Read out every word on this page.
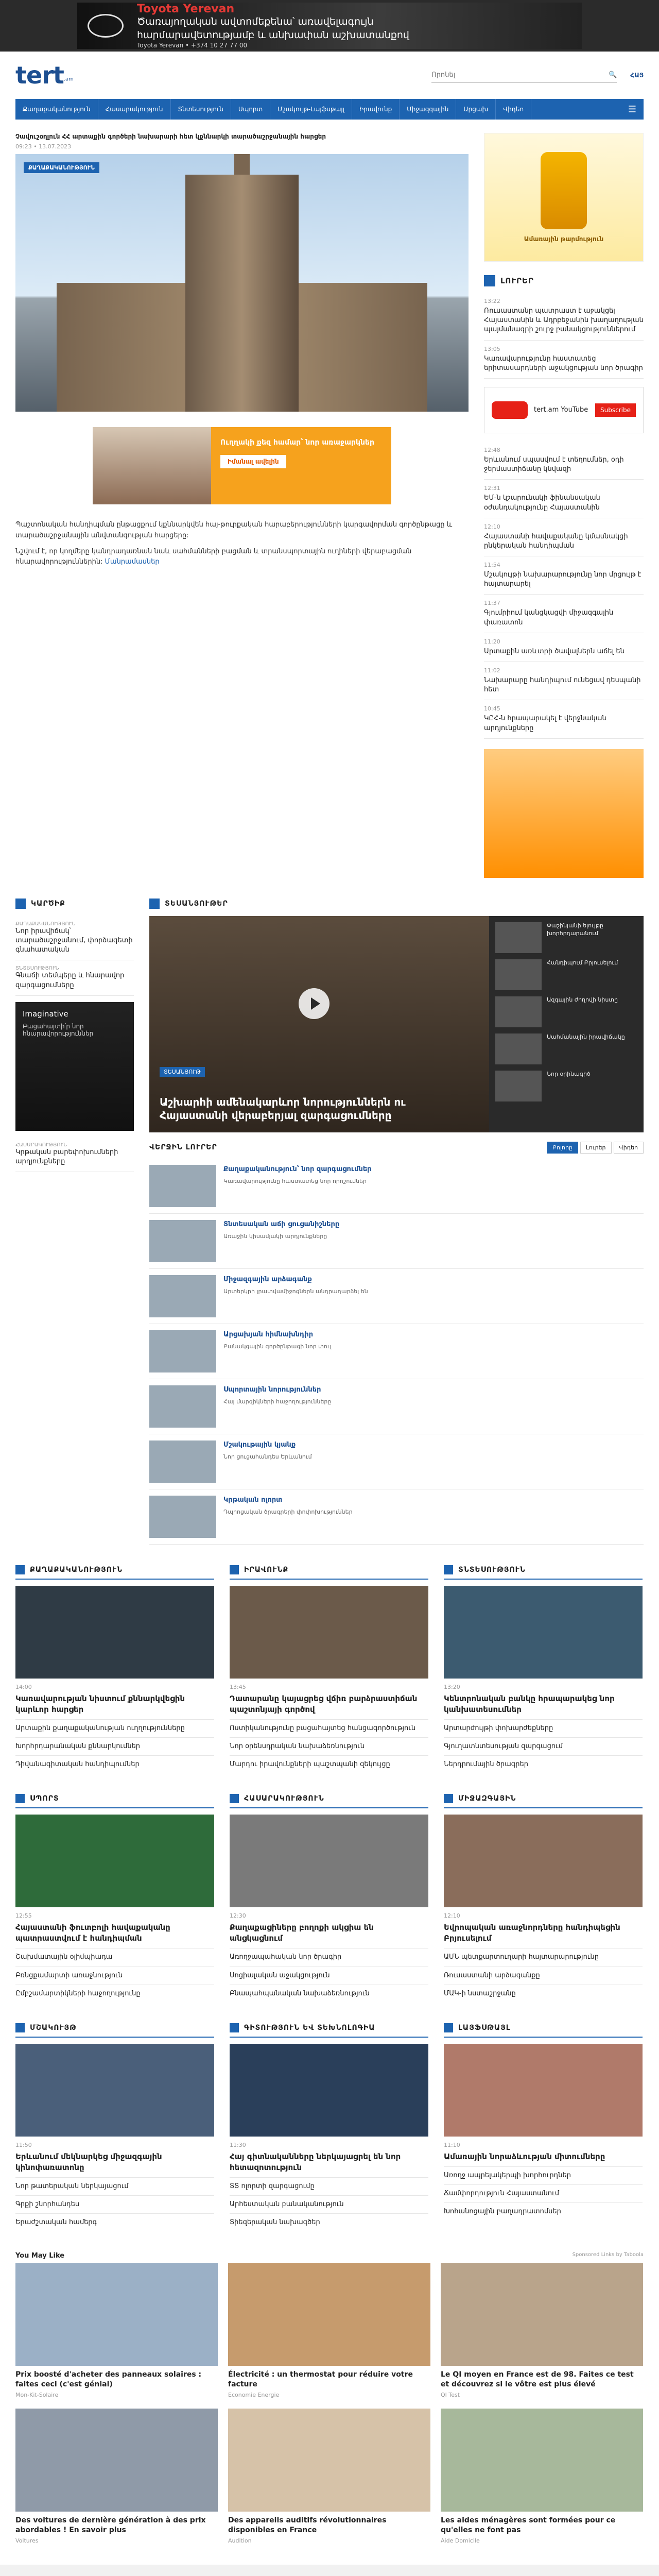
Toyota Yerevan
Ծառայողական ավտոմեքենա՝ առավելագույն
հարմարավետությամբ և անխափան աշխատանքով
Toyota Yerevan • +374 10 27 77 00
tert$^{.am}$
Որոնել
🔍 ՀԱՅ
Քաղաքականություն	Հասարակություն	Տնտեսություն	Սպորտ	Մշակույթ-Լայֆսթայլ	Իրավունք	Միջազգային	Արցախ	Վիդեո	☰
Չավուշօղլուն ՀՀ արտաքին գործերի նախարարի հետ կքննարկի տարածաշրջանային հարցեր
09:23 • 13.07.2023
ՔԱՂԱՔԱԿԱՆՈՒԹՅՈՒՆ
Ուղղակի քեզ համար՝ նոր առաջարկներ
Իմանալ ավելին

Պաշտոնական հանդիպման ընթացքում կքննարկվեն հայ-թուրքական հարաբերությունների կարգավորման գործընթացը և տարածաշրջանային անվտանգության հարցերը:

Նշվում է, որ կողմերը կանդրադառնան նաև սահմանների բացման և տրանսպորտային ուղիների վերաբացման հնարավորություններին: Մանրամասներ

Ամառային թարմություն
ԼՈՒՐԵՐ
13:22
Ռուսաստանը պատրաստ է աջակցել Հայաստանին և Ադրբեջանին խաղաղության պայմանագրի շուրջ բանակցություններում
13:05
Կառավարությունը հաստատեց երիտասարդների աջակցության նոր ծրագիր
tert.am YouTube	Subscribe
12:48
Երևանում սպասվում է տեղումներ, օդի ջերմաստիճանը կնվազի
12:31
ԵՄ-ն կշարունակի ֆինանսական օժանդակությունը Հայաստանին
12:10
Հայաստանի հավաքականը կմասնակցի ընկերական հանդիպման
11:54
Մշակույթի նախարարությունը նոր մրցույթ է հայտարարել
11:37
Գյումրիում կանցկացվի միջազգային փառատոն
11:20
Արտաքին առևտրի ծավալներն աճել են
11:02
Նախարարը հանդիպում ունեցավ դեսպանի հետ
10:45
ԿԸՀ-ն հրապարակել է վերջնական արդյունքները
ԿԱՐԾԻՔ
ՔԱՂԱՔԱԿԱՆՈՒԹՅՈՒՆ
Նոր իրավիճակ՝ տարածաշրջանում, փորձագետի գնահատական
ՏՆՏԵՍՈՒԹՅՈՒՆ
Գնաճի տեմպերը և հնարավոր զարգացումները
Imaginative
Բացահայտի՛ր նոր հնարավորություններ
ՀԱՍԱՐԱԿՈՒԹՅՈՒՆ
Կրթական բարեփոխումների արդյունքները
ՏԵՍԱՆՅՈՒԹԵՐ
ՏԵՍԱՆՅՈՒԹ
Աշխարհի ամենակարևոր նորություններն ու Հայաստանի վերաբերյալ զարգացումները
Փաշինյանի ելույթը խորհրդարանում
Հանդիպում Բրյուսելում
Ազգային ժողովի նիստը
Սահմանային իրավիճակը
Նոր օրինագիծ
ՎԵՐՋԻՆ ԼՈՒՐԵՐ	Բոլորը	Լուրեր	Վիդեո
Քաղաքականություն՝ նոր զարգացումներ
Կառավարությունը հաստատեց նոր որոշումներ
Տնտեսական աճի ցուցանիշները
Առաջին կիսամյակի արդյունքները
Միջազգային արձագանք
Արտերկրի լրատվամիջոցներն անդրադարձել են
Արցախյան հիմնախնդիր
Բանակցային գործընթացի նոր փուլ
Սպորտային նորություններ
Հայ մարզիկների հաջողությունները
Մշակութային կյանք
Նոր ցուցահանդես Երևանում
Կրթական ոլորտ
Դպրոցական ծրագրերի փոփոխություններ
ՔԱՂԱՔԱԿԱՆՈՒԹՅՈՒՆ
14:00
Կառավարության նիստում քննարկվեցին կարևոր հարցեր
Արտաքին քաղաքականության ուղղությունները
Խորհրդարանական քննարկումներ
Դիվանագիտական հանդիպումներ
ԻՐԱՎՈՒՆՔ
13:45
Դատարանը կայացրեց վճիռ բարձրաստիճան պաշտոնյայի գործով
Ոստիկանությունը բացահայտեց հանցագործություն
Նոր օրենսդրական նախաձեռնություն
Մարդու իրավունքների պաշտպանի զեկույցը
ՏՆՏԵՍՈՒԹՅՈՒՆ
13:20
Կենտրոնական բանկը հրապարակեց նոր կանխատեսումներ
Արտարժույթի փոխարժեքները
Գյուղատնտեսության զարգացում
Ներդրումային ծրագրեր
ՍՊՈՐՏ
12:55
Հայաստանի ֆուտբոլի հավաքականը պատրաստվում է հանդիպման
Շախմատային օլիմպիադա
Բռնցքամարտի առաջնություն
Ըմբշամարտիկների հաջողությունը
ՀԱՍԱՐԱԿՈՒԹՅՈՒՆ
12:30
Քաղաքացիները բողոքի ակցիա են անցկացնում
Առողջապահական նոր ծրագիր
Սոցիալական աջակցություն
Բնապահպանական նախաձեռնություն
ՄԻՋԱԶԳԱՅԻՆ
12:10
Եվրոպական առաջնորդները հանդիպեցին Բրյուսելում
ԱՄՆ պետքարտուղարի հայտարարությունը
Ռուսաստանի արձագանքը
ՄԱԿ-ի նստաշրջանը
ՄՇԱԿՈՒՅԹ
11:50
Երևանում մեկնարկեց միջազգային կինոփառատոնը
Նոր թատերական ներկայացում
Գրքի շնորհանդես
Երաժշտական համերգ
ԳԻՏՈՒԹՅՈՒՆ ԵՎ ՏԵԽՆՈԼՈԳԻԱ
11:30
Հայ գիտնականները ներկայացրել են նոր հետազոտություն
ՏՏ ոլորտի զարգացումը
Արհեստական բանականություն
Տիեզերական նախագծեր
ԼԱՅՖՍԹԱՅԼ
11:10
Ամառային նորաձևության միտումները
Առողջ ապրելակերպի խորհուրդներ
Ճամփորդություն Հայաստանում
Խոհանոցային բաղադրատոմսեր
You May Like	Sponsored Links by Taboola
Prix boosté d'acheter des panneaux solaires : faites ceci (c'est génial)
Mon-Kit-Solaire
Électricité : un thermostat pour réduire votre facture
Economie Energie
Le QI moyen en France est de 98. Faites ce test et découvrez si le vôtre est plus élevé
QI Test
Des voitures de dernière génération à des prix abordables ! En savoir plus
Voitures
Des appareils auditifs révolutionnaires disponibles en France
Audition
Les aides ménagères sont formées pour ce qu'elles ne font pas
Aide Domicile
